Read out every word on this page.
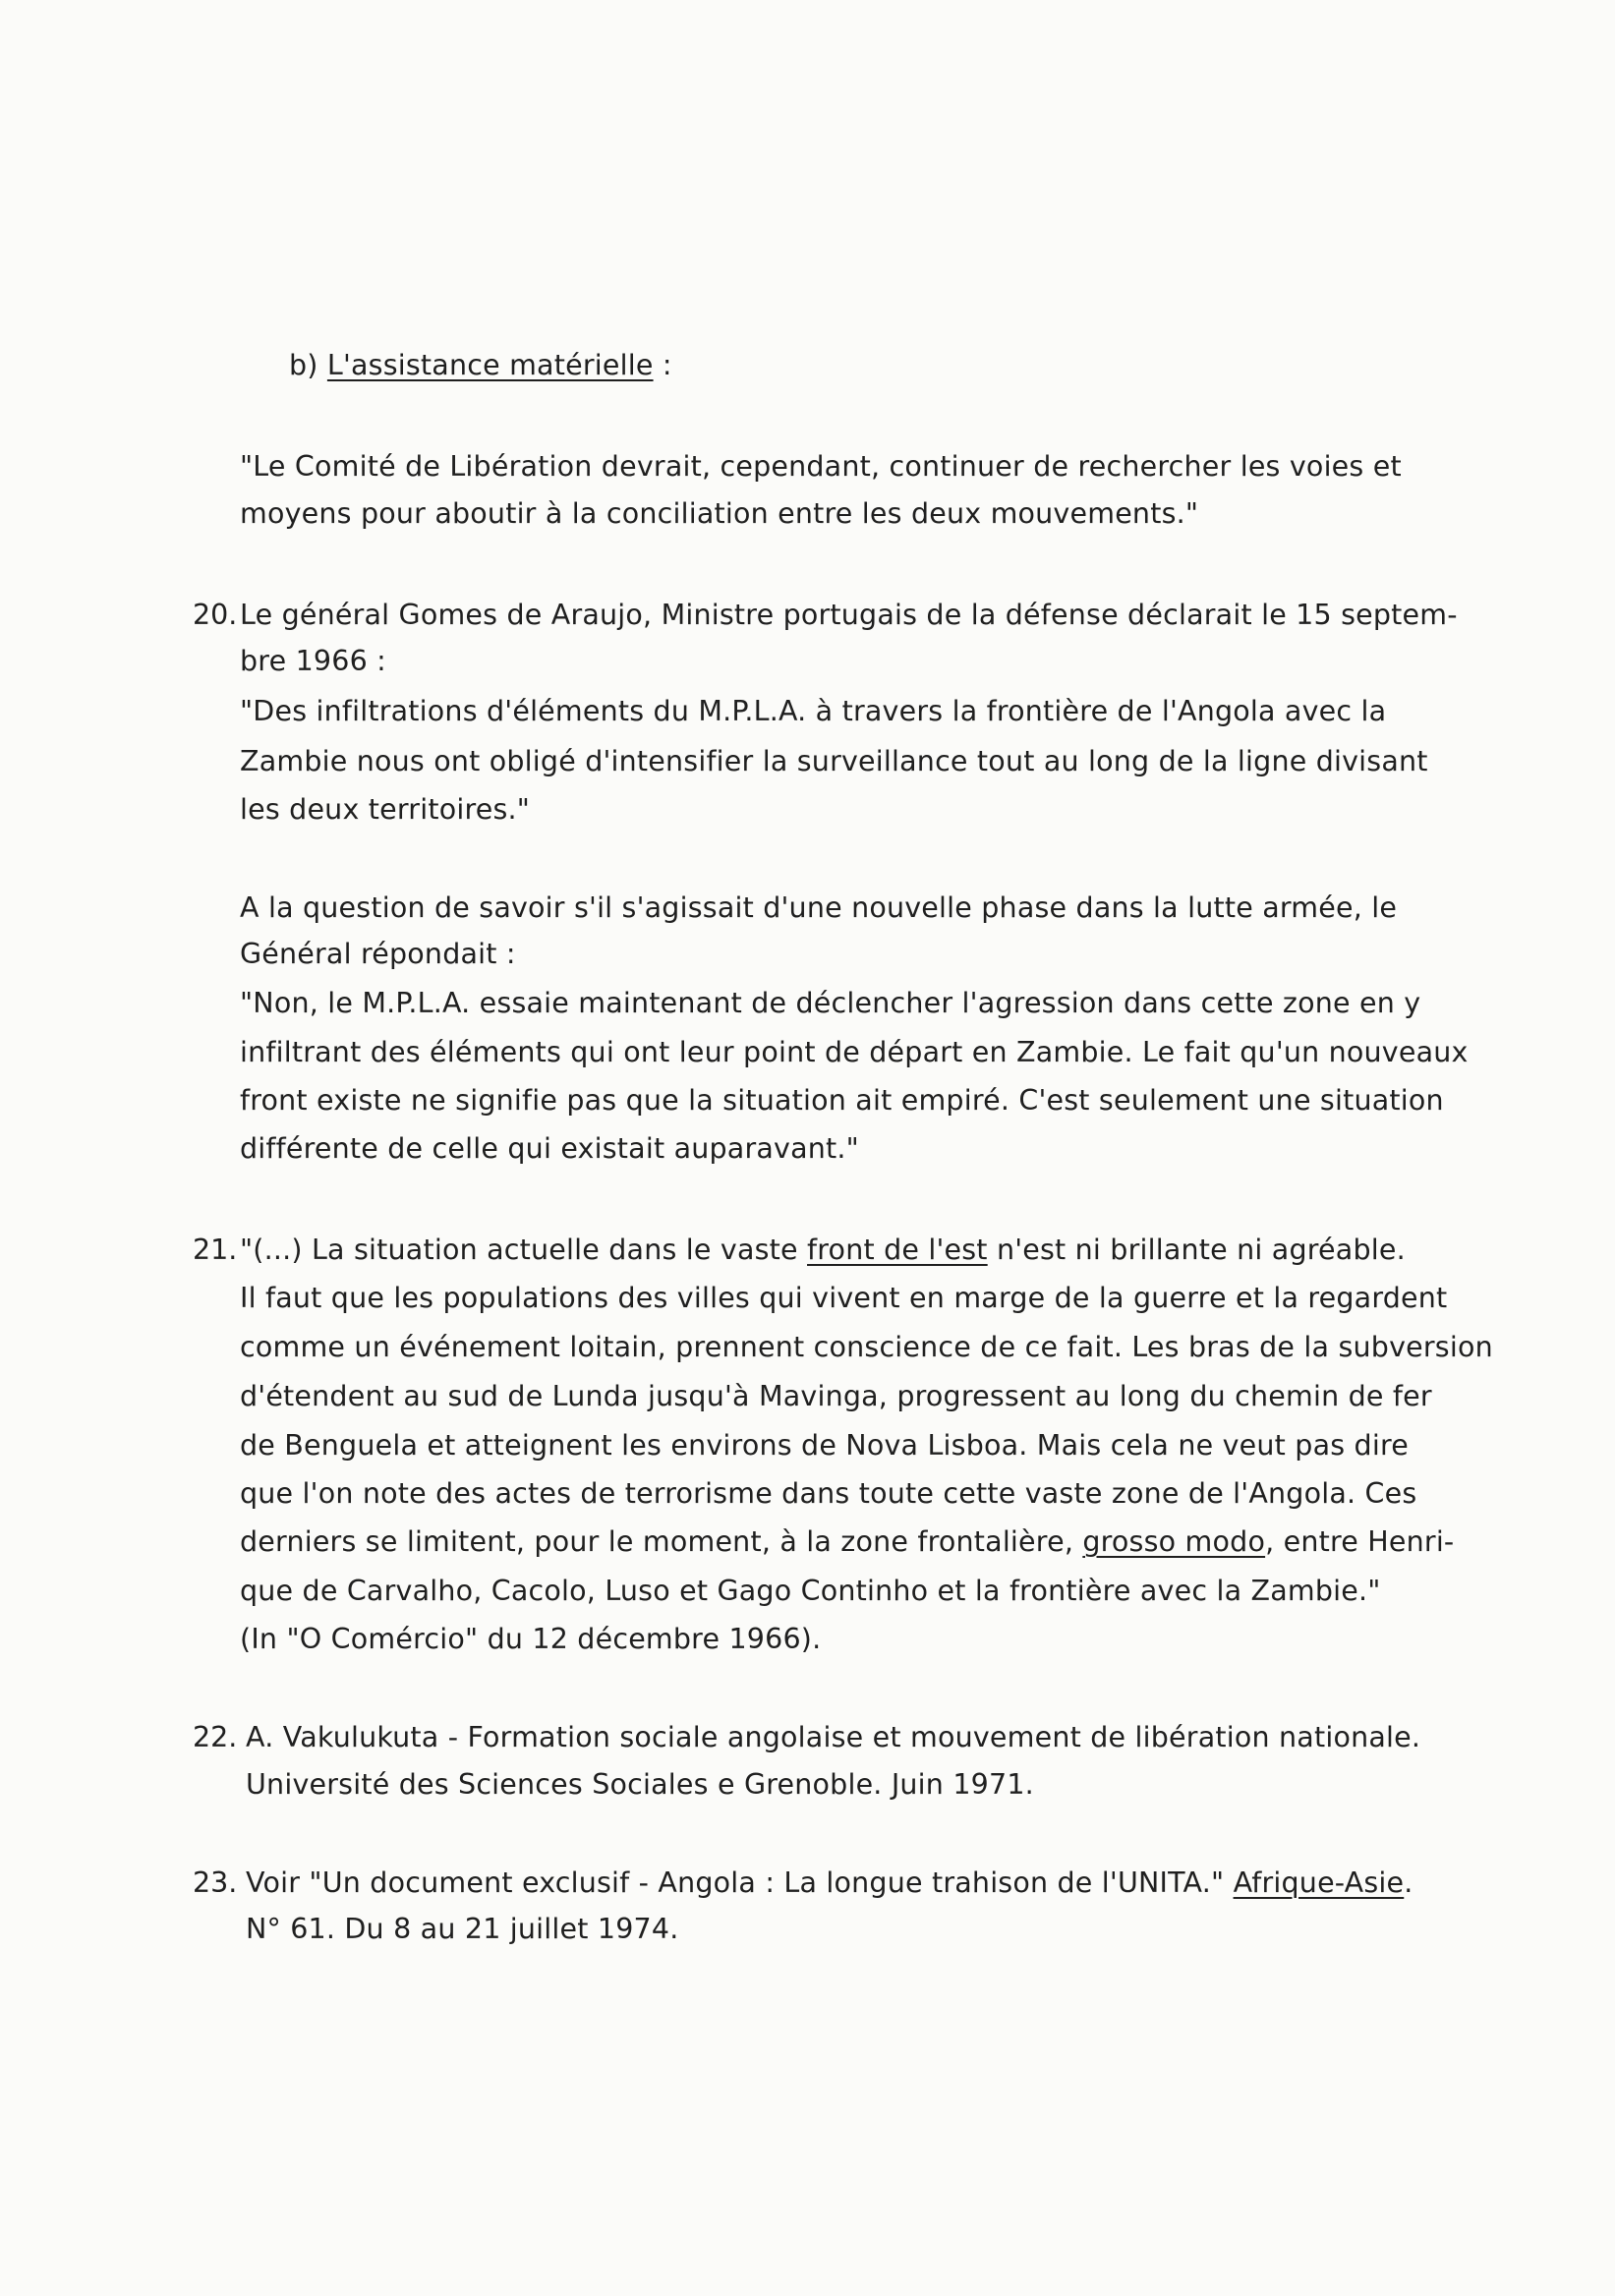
b) L'assistance matérielle :
"Le Comité de Libération devrait, cependant, continuer de rechercher les voies et
moyens pour aboutir à la conciliation entre les deux mouvements."
20. Le général Gomes de Araujo, Ministre portugais de la défense déclarait le 15 septem-
bre 1966 :
"Des infiltrations d'éléments du M.P.L.A. à travers la frontière de l'Angola avec la
Zambie nous ont obligé d'intensifier la surveillance tout au long de la ligne divisant
les deux territoires."
A la question de savoir s'il s'agissait d'une nouvelle phase dans la lutte armée, le
Général répondait :
"Non, le M.P.L.A. essaie maintenant de déclencher l'agression dans cette zone en y
infiltrant des éléments qui ont leur point de départ en Zambie. Le fait qu'un nouveaux
front existe ne signifie pas que la situation ait empiré. C'est seulement une situation
différente de celle qui existait auparavant."
21. "(...) La situation actuelle dans le vaste front de l'est n'est ni brillante ni agréable.
Il faut que les populations des villes qui vivent en marge de la guerre et la regardent
comme un événement loitain, prennent conscience de ce fait. Les bras de la subversion
d'étendent au sud de Lunda jusqu'à Mavinga, progressent au long du chemin de fer
de Benguela et atteignent les environs de Nova Lisboa. Mais cela ne veut pas dire
que l'on note des actes de terrorisme dans toute cette vaste zone de l'Angola. Ces
derniers se limitent, pour le moment, à la zone frontalière, grosso modo, entre Henri-
que de Carvalho, Cacolo, Luso et Gago Continho et la frontière avec la Zambie."
(In "O Comércio" du 12 décembre 1966).
22. A. Vakulukuta - Formation sociale angolaise et mouvement de libération nationale.
Université des Sciences Sociales e Grenoble. Juin 1971.
23. Voir "Un document exclusif - Angola : La longue trahison de l'UNITA." Afrique-Asie.
N° 61. Du 8 au 21 juillet 1974.
